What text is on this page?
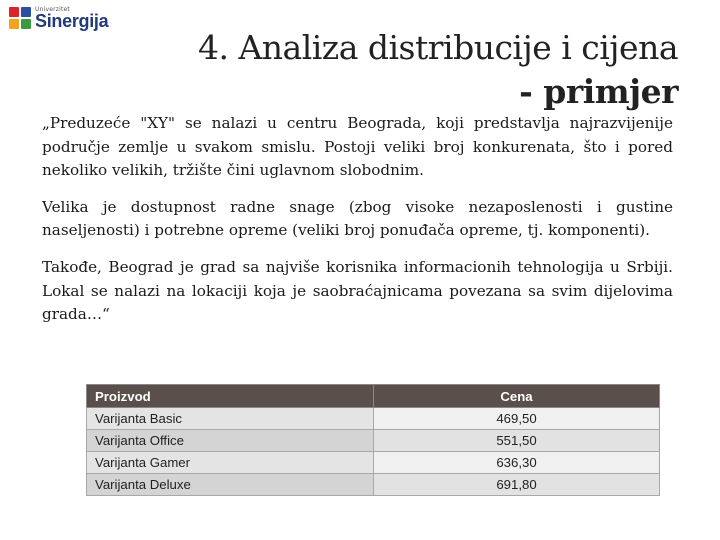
Univerzitet
Sinergija
4. Analiza distribucije i cijena
- primjer

„Preduzeće "XY" se nalazi u centru Beograda, koji predstavlja najrazvijenije područje zemlje u svakom smislu. Postoji veliki broj konkurenata, što i pored nekoliko velikih, tržište čini uglavnom slobodnim.

Velika je dostupnost radne snage (zbog visoke nezaposlenosti i gustine naseljenosti) i potrebne opreme (veliki broj ponuđača opreme, tj. komponenti).

Takođe, Beograd je grad sa najviše korisnika informacionih tehnologija u Srbiji. Lokal se nalazi na lokaciji koja je saobraćajnicama povezana sa svim dijelovima grada…“

Proizvod	Cena
Varijanta Basic	469,50
Varijanta Office	551,50
Varijanta Gamer	636,30
Varijanta Deluxe	691,80
